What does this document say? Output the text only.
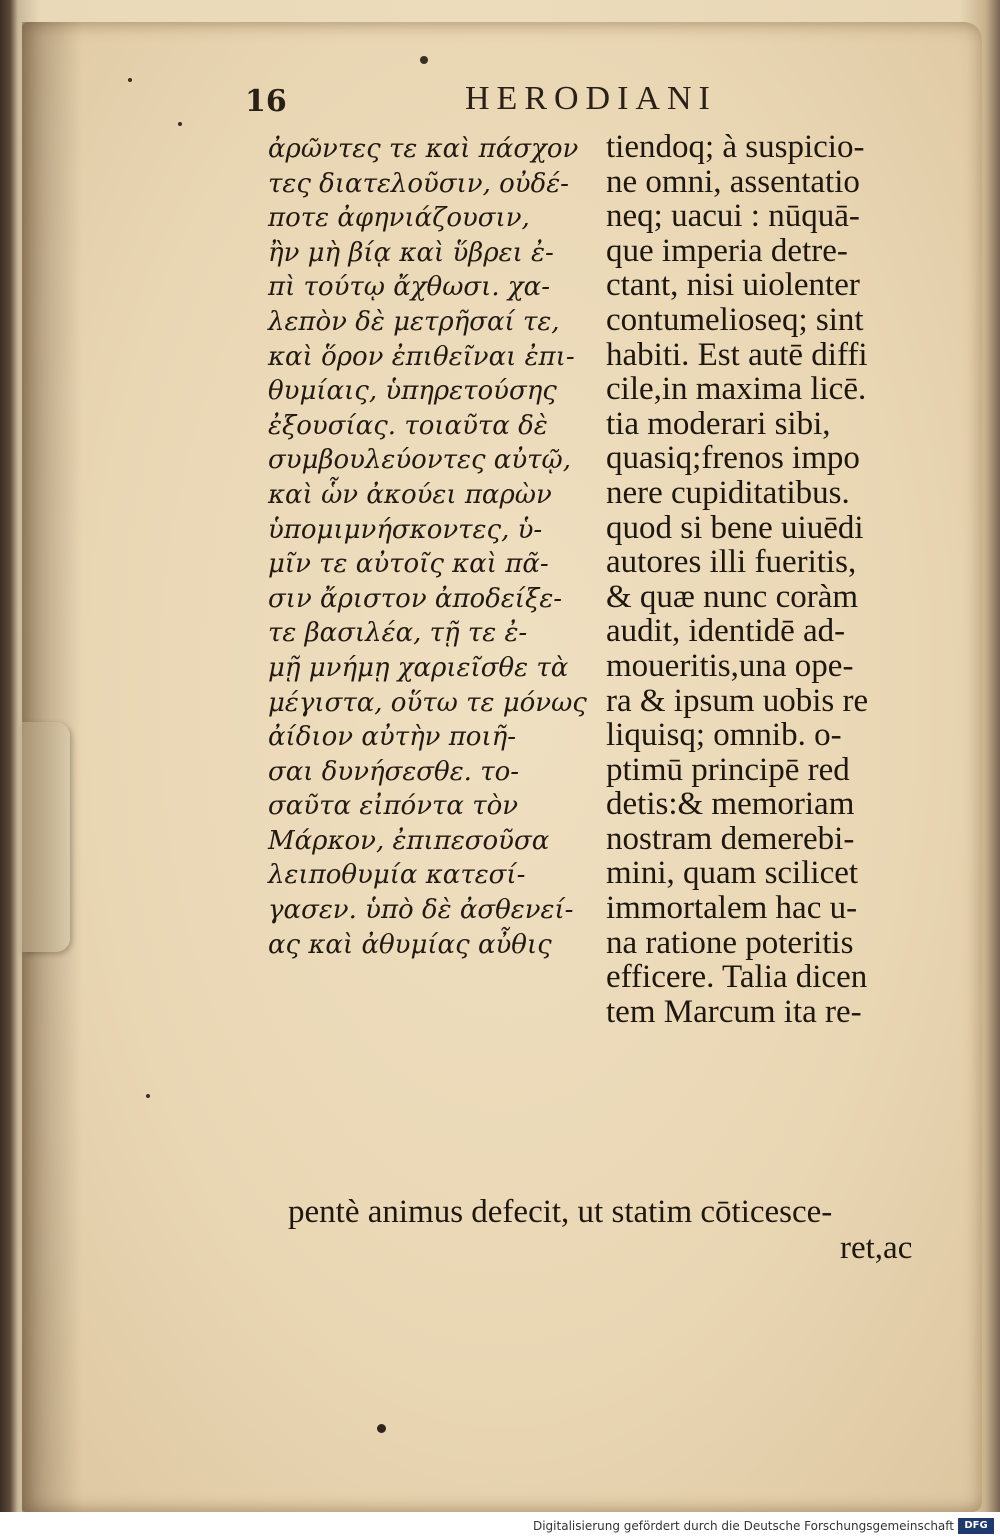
16	HERODIANI
ἀρῶντες τε καὶ πάσχον
τες διατελοῦσιν, οὐδέ-
ποτε ἀφηνιάζουσιν,
ἢν μὴ βίᾳ καὶ ὕβρει ἐ-
πὶ τούτῳ ἄχθωσι. χα-
λεπὸν δὲ μετρῆσαί τε,
καὶ ὅρον ἐπιθεῖναι ἐπι-
θυμίαις, ὑπηρετούσης
ἐξουσίας. τοιαῦτα δὲ
συμβουλεύοντες αὐτῷ,
καὶ ὧν ἀκούει παρὼν
ὑπομιμνήσκοντες, ὑ-
μῖν τε αὐτοῖς καὶ πᾶ-
σιν ἄριστον ἀποδείξε-
τε βασιλέα, τῇ τε ἐ-
μῇ μνήμῃ χαριεῖσθε τὰ
μέγιστα, οὕτω τε μόνως
ἀίδιον αὐτὴν ποιῆ-
σαι δυνήσεσθε. το-
σαῦτα εἰπόντα τὸν
Μάρκον, ἐπιπεσοῦσα
λειποθυμία κατεσί-
γασεν. ὑπὸ δὲ ἀσθενεί-
ας καὶ ἀθυμίας αὖθις
tiendoq; à suspicio-
ne omni, assentatio
neq; uacui : nūquā-
que imperia detre-
ctant, nisi uiolenter
contumelioseq; sint
habiti. Est autē diffi
cile,in maxima licē.
tia moderari sibi,
quasiq;frenos impo
nere cupiditatibus.
quod si bene uiuēdi
autores illi fueritis,
& quæ nunc coràm
audit, identidē ad-
moueritis,una ope-
ra & ipsum uobis re
liquisq; omnib. o-
ptimū principē red
detis:& memoriam
nostram demerebi-
mini, quam scilicet
immortalem hac u-
na ratione poteritis
efficere. Talia dicen
tem Marcum ita re-
pentè animus defecit, ut statim cōticesce-
ret,ac
Digitalisierung gefördert durch die Deutsche Forschungsgemeinschaft	DFG
